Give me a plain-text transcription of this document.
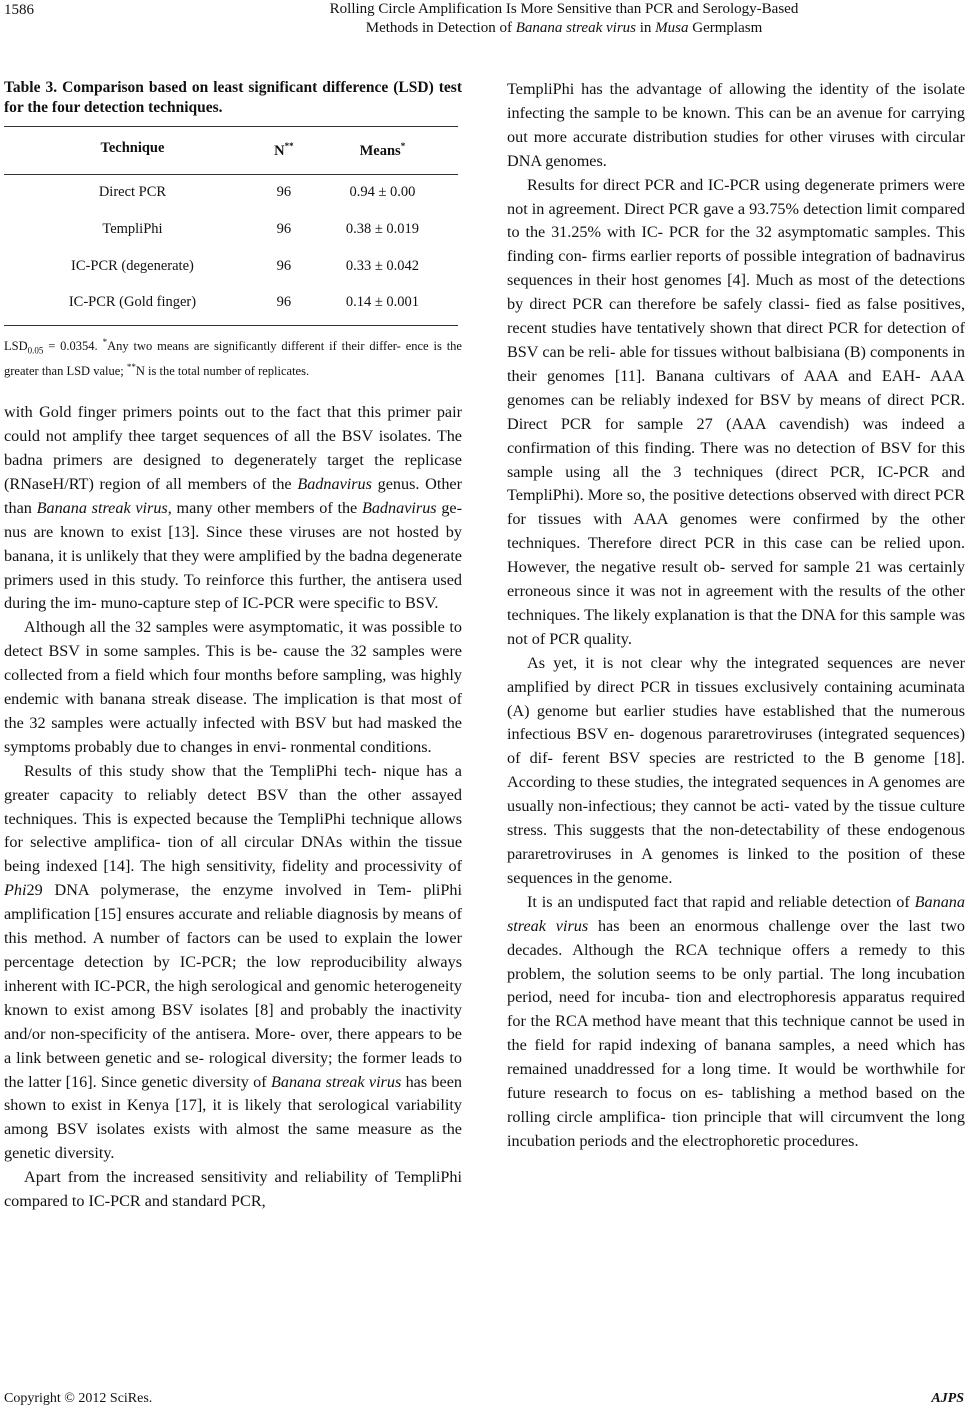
1586	Rolling Circle Amplification Is More Sensitive than PCR and Serology-Based
Methods in Detection of Banana streak virus in Musa Germplasm
Table 3. Comparison based on least significant difference (LSD) test for the four detection techniques.
Technique	N**	Means*
Direct PCR	96	0.94 ± 0.00
TempliPhi	96	0.38 ± 0.019
IC-PCR (degenerate)	96	0.33 ± 0.042
IC-PCR (Gold finger)	96	0.14 ± 0.001
$LSD_{0.05} = 0.0354$. *Any two means are significantly different if their differ- ence is the greater than LSD value; **N is the total number of replicates.

with Gold finger primers points out to the fact that this primer pair could not amplify thee target sequences of all the BSV isolates. The badna primers are designed to degenerately target the replicase (RNaseH/RT) region of all members of the Badnavirus genus. Other than Banana streak virus, many other members of the Badnavirus ge- nus are known to exist [13]. Since these viruses are not hosted by banana, it is unlikely that they were amplified by the badna degenerate primers used in this study. To reinforce this further, the antisera used during the im- muno-capture step of IC-PCR were specific to BSV.

Although all the 32 samples were asymptomatic, it was possible to detect BSV in some samples. This is be- cause the 32 samples were collected from a field which four months before sampling, was highly endemic with banana streak disease. The implication is that most of the 32 samples were actually infected with BSV but had masked the symptoms probably due to changes in envi- ronmental conditions.

Results of this study show that the TempliPhi tech- nique has a greater capacity to reliably detect BSV than the other assayed techniques. This is expected because the TempliPhi technique allows for selective amplifica- tion of all circular DNAs within the tissue being indexed [14]. The high sensitivity, fidelity and processivity of Phi29 DNA polymerase, the enzyme involved in Tem- pliPhi amplification [15] ensures accurate and reliable diagnosis by means of this method. A number of factors can be used to explain the lower percentage detection by IC-PCR; the low reproducibility always inherent with IC-PCR, the high serological and genomic heterogeneity known to exist among BSV isolates [8] and probably the inactivity and/or non-specificity of the antisera. More- over, there appears to be a link between genetic and se- rological diversity; the former leads to the latter [16]. Since genetic diversity of Banana streak virus has been shown to exist in Kenya [17], it is likely that serological variability among BSV isolates exists with almost the same measure as the genetic diversity.

Apart from the increased sensitivity and reliability of TempliPhi compared to IC-PCR and standard PCR,

TempliPhi has the advantage of allowing the identity of the isolate infecting the sample to be known. This can be an avenue for carrying out more accurate distribution studies for other viruses with circular DNA genomes.

Results for direct PCR and IC-PCR using degenerate primers were not in agreement. Direct PCR gave a 93.75% detection limit compared to the 31.25% with IC- PCR for the 32 asymptomatic samples. This finding con- firms earlier reports of possible integration of badnavirus sequences in their host genomes [4]. Much as most of the detections by direct PCR can therefore be safely classi- fied as false positives, recent studies have tentatively shown that direct PCR for detection of BSV can be reli- able for tissues without balbisiana (B) components in their genomes [11]. Banana cultivars of AAA and EAH- AAA genomes can be reliably indexed for BSV by means of direct PCR. Direct PCR for sample 27 (AAA cavendish) was indeed a confirmation of this finding. There was no detection of BSV for this sample using all the 3 techniques (direct PCR, IC-PCR and TempliPhi). More so, the positive detections observed with direct PCR for tissues with AAA genomes were confirmed by the other techniques. Therefore direct PCR in this case can be relied upon. However, the negative result ob- served for sample 21 was certainly erroneous since it was not in agreement with the results of the other techniques. The likely explanation is that the DNA for this sample was not of PCR quality.

As yet, it is not clear why the integrated sequences are never amplified by direct PCR in tissues exclusively containing acuminata (A) genome but earlier studies have established that the numerous infectious BSV en- dogenous pararetroviruses (integrated sequences) of dif- ferent BSV species are restricted to the B genome [18]. According to these studies, the integrated sequences in A genomes are usually non-infectious; they cannot be acti- vated by the tissue culture stress. This suggests that the non-detectability of these endogenous pararetroviruses in A genomes is linked to the position of these sequences in the genome.

It is an undisputed fact that rapid and reliable detection of Banana streak virus has been an enormous challenge over the last two decades. Although the RCA technique offers a remedy to this problem, the solution seems to be only partial. The long incubation period, need for incuba- tion and electrophoresis apparatus required for the RCA method have meant that this technique cannot be used in the field for rapid indexing of banana samples, a need which has remained unaddressed for a long time. It would be worthwhile for future research to focus on es- tablishing a method based on the rolling circle amplifica- tion principle that will circumvent the long incubation periods and the electrophoretic procedures.

Copyright © 2012 SciRes.	AJPS
